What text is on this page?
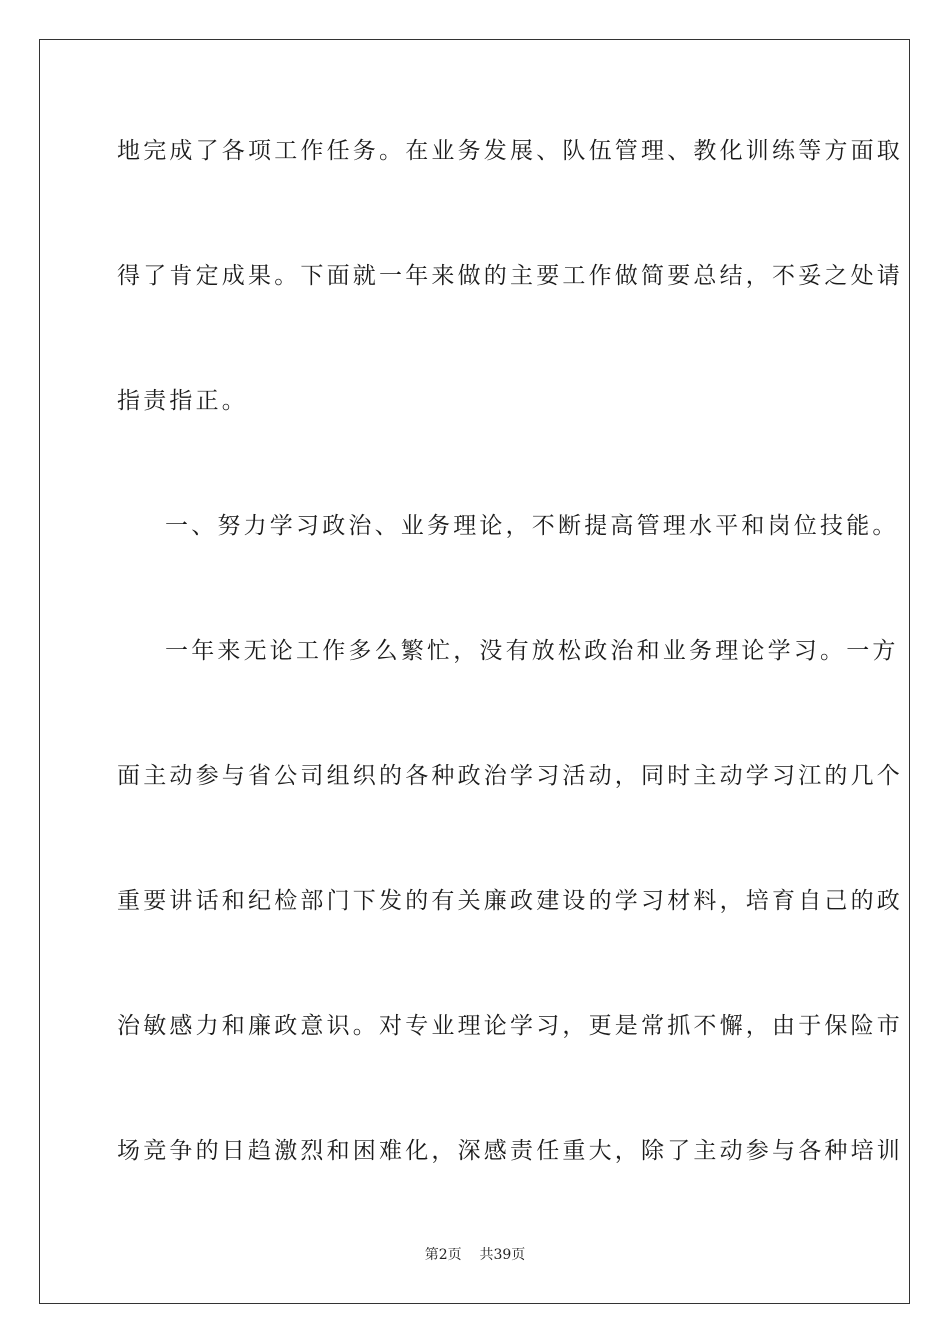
地完成了各项工作任务。在业务发展、队伍管理、教化训练等方面取
得了肯定成果。下面就一年来做的主要工作做简要总结，不妥之处请
指责指正。
一、努力学习政治、业务理论，不断提高管理水平和岗位技能。
一年来无论工作多么繁忙，没有放松政治和业务理论学习。一方
面主动参与省公司组织的各种政治学习活动，同时主动学习江的几个
重要讲话和纪检部门下发的有关廉政建设的学习材料，培育自己的政
治敏感力和廉政意识。对专业理论学习，更是常抓不懈，由于保险市
场竞争的日趋激烈和困难化，深感责任重大，除了主动参与各种培训
第2页 共39页
